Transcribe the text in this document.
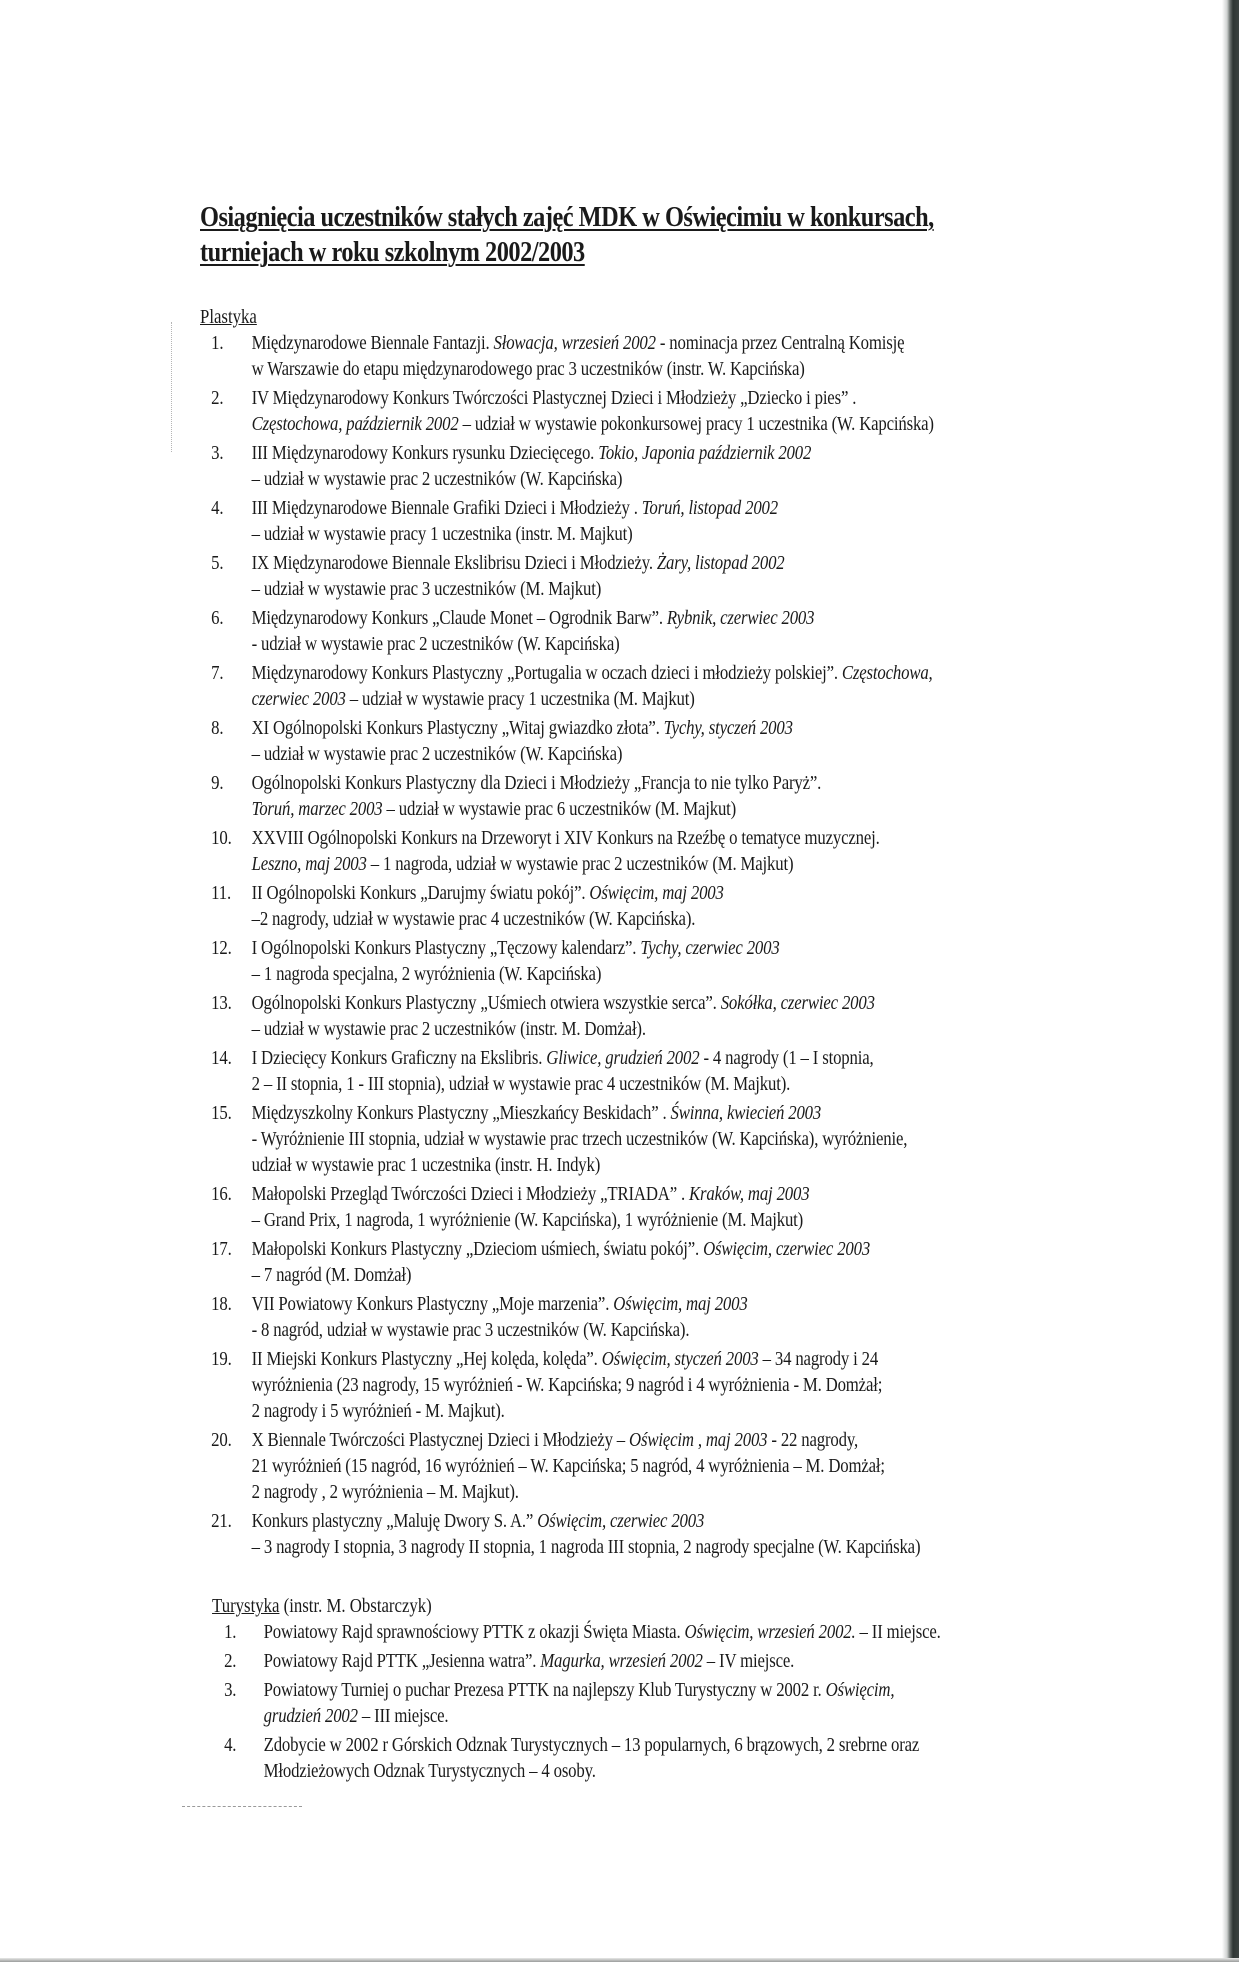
Osiągnięcia uczestników stałych zajęć MDK w Oświęcimiu w konkursach,
turniejach w roku szkolnym 2002/2003

Plastyka

1.	Międzynarodowe Biennale Fantazji. Słowacja, wrzesień 2002 - nominacja przez Centralną Komisję
w Warszawie do etapu międzynarodowego prac 3 uczestników (instr. W. Kapcińska)
2.	IV Międzynarodowy Konkurs Twórczości Plastycznej Dzieci i Młodzieży „Dziecko i pies” .
Częstochowa, październik 2002 – udział w wystawie pokonkursowej pracy 1 uczestnika (W. Kapcińska)
3.	III Międzynarodowy Konkurs rysunku Dziecięcego. Tokio, Japonia październik 2002
– udział w wystawie prac 2 uczestników (W. Kapcińska)
4.	III Międzynarodowe Biennale Grafiki Dzieci i Młodzieży . Toruń, listopad 2002
– udział w wystawie pracy 1 uczestnika (instr. M. Majkut)
5.	IX Międzynarodowe Biennale Ekslibrisu Dzieci i Młodzieży. Żary, listopad 2002
– udział w wystawie prac 3 uczestników (M. Majkut)
6.	Międzynarodowy Konkurs „Claude Monet – Ogrodnik Barw”. Rybnik, czerwiec 2003
- udział w wystawie prac 2 uczestników (W. Kapcińska)
7.	Międzynarodowy Konkurs Plastyczny „Portugalia w oczach dzieci i młodzieży polskiej”. Częstochowa,
czerwiec 2003 – udział w wystawie pracy 1 uczestnika (M. Majkut)
8.	XI Ogólnopolski Konkurs Plastyczny „Witaj gwiazdko złota”. Tychy, styczeń 2003
– udział w wystawie prac 2 uczestników (W. Kapcińska)
9.	Ogólnopolski Konkurs Plastyczny dla Dzieci i Młodzieży „Francja to nie tylko Paryż”.
Toruń, marzec 2003 – udział w wystawie prac 6 uczestników (M. Majkut)
10.	XXVIII Ogólnopolski Konkurs na Drzeworyt i XIV Konkurs na Rzeźbę o tematyce muzycznej.
Leszno, maj 2003 – 1 nagroda, udział w wystawie prac 2 uczestników (M. Majkut)
11.	II Ogólnopolski Konkurs „Darujmy światu pokój”. Oświęcim, maj 2003
–2 nagrody, udział w wystawie prac 4 uczestników (W. Kapcińska).
12.	I Ogólnopolski Konkurs Plastyczny „Tęczowy kalendarz”. Tychy, czerwiec 2003
– 1 nagroda specjalna, 2 wyróżnienia (W. Kapcińska)
13.	Ogólnopolski Konkurs Plastyczny „Uśmiech otwiera wszystkie serca”. Sokółka, czerwiec 2003
– udział w wystawie prac 2 uczestników (instr. M. Domżał).
14.	I Dziecięcy Konkurs Graficzny na Ekslibris. Gliwice, grudzień 2002 - 4 nagrody (1 – I stopnia,
2 – II stopnia, 1 - III stopnia), udział w wystawie prac 4 uczestników (M. Majkut).
15.	Międzyszkolny Konkurs Plastyczny „Mieszkańcy Beskidach” . Świnna, kwiecień 2003
- Wyróżnienie III stopnia, udział w wystawie prac trzech uczestników (W. Kapcińska), wyróżnienie,
udział w wystawie prac 1 uczestnika (instr. H. Indyk)
16.	Małopolski Przegląd Twórczości Dzieci i Młodzieży „TRIADA” . Kraków, maj 2003
– Grand Prix, 1 nagroda, 1 wyróżnienie (W. Kapcińska), 1 wyróżnienie (M. Majkut)
17.	Małopolski Konkurs Plastyczny „Dzieciom uśmiech, światu pokój”. Oświęcim, czerwiec 2003
– 7 nagród (M. Domżał)
18.	VII Powiatowy Konkurs Plastyczny „Moje marzenia”. Oświęcim, maj 2003
- 8 nagród, udział w wystawie prac 3 uczestników (W. Kapcińska).
19.	II Miejski Konkurs Plastyczny „Hej kolęda, kolęda”. Oświęcim, styczeń 2003 – 34 nagrody i 24
wyróżnienia (23 nagrody, 15 wyróżnień - W. Kapcińska; 9 nagród i 4 wyróżnienia - M. Domżał;
2 nagrody i 5 wyróżnień - M. Majkut).
20.	X Biennale Twórczości Plastycznej Dzieci i Młodzieży – Oświęcim , maj 2003 - 22 nagrody,
21 wyróżnień (15 nagród, 16 wyróżnień – W. Kapcińska; 5 nagród, 4 wyróżnienia – M. Domżał;
2 nagrody , 2 wyróżnienia – M. Majkut).
21.	Konkurs plastyczny „Maluję Dwory S. A.” Oświęcim, czerwiec 2003
– 3 nagrody I stopnia, 3 nagrody II stopnia, 1 nagroda III stopnia, 2 nagrody specjalne (W. Kapcińska)

Turystyka (instr. M. Obstarczyk)

1.	Powiatowy Rajd sprawnościowy PTTK z okazji Święta Miasta. Oświęcim, wrzesień 2002. – II miejsce.
2.	Powiatowy Rajd PTTK „Jesienna watra”. Magurka, wrzesień 2002 – IV miejsce.
3.	Powiatowy Turniej o puchar Prezesa PTTK na najlepszy Klub Turystyczny w 2002 r. Oświęcim,
grudzień 2002 – III miejsce.
4.	Zdobycie w 2002 r Górskich Odznak Turystycznych – 13 popularnych, 6 brązowych, 2 srebrne oraz
Młodzieżowych Odznak Turystycznych – 4 osoby.
